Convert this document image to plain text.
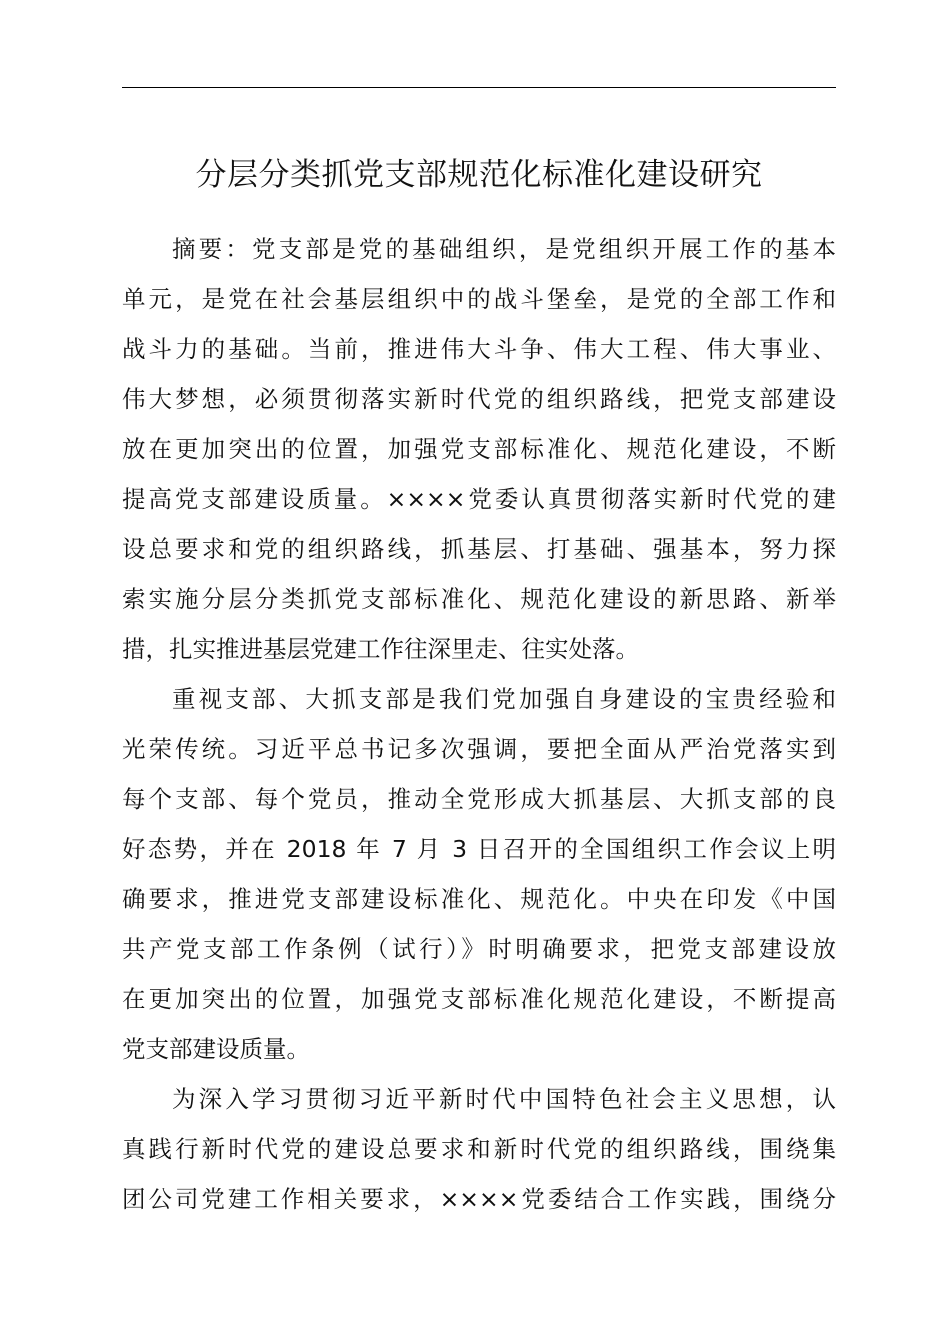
分层分类抓党支部规范化标准化建设研究
摘要：党支部是党的基础组织，是党组织开展工作的基本
单元，是党在社会基层组织中的战斗堡垒，是党的全部工作和
战斗力的基础。当前，推进伟大斗争、伟大工程、伟大事业、
伟大梦想，必须贯彻落实新时代党的组织路线，把党支部建设
放在更加突出的位置，加强党支部标准化、规范化建设，不断
提高党支部建设质量。××××党委认真贯彻落实新时代党的建
设总要求和党的组织路线，抓基层、打基础、强基本，努力探
索实施分层分类抓党支部标准化、规范化建设的新思路、新举
措，扎实推进基层党建工作往深里走、往实处落。
重视支部、大抓支部是我们党加强自身建设的宝贵经验和
光荣传统。习近平总书记多次强调，要把全面从严治党落实到
每个支部、每个党员，推动全党形成大抓基层、大抓支部的良
好态势，并在 2018 年 7 月 3 日召开的全国组织工作会议上明
确要求，推进党支部建设标准化、规范化。中央在印发《中国
共产党支部工作条例（试行）》时明确要求，把党支部建设放
在更加突出的位置，加强党支部标准化规范化建设，不断提高
党支部建设质量。
为深入学习贯彻习近平新时代中国特色社会主义思想，认
真践行新时代党的建设总要求和新时代党的组织路线，围绕集
团公司党建工作相关要求，××××党委结合工作实践，围绕分
